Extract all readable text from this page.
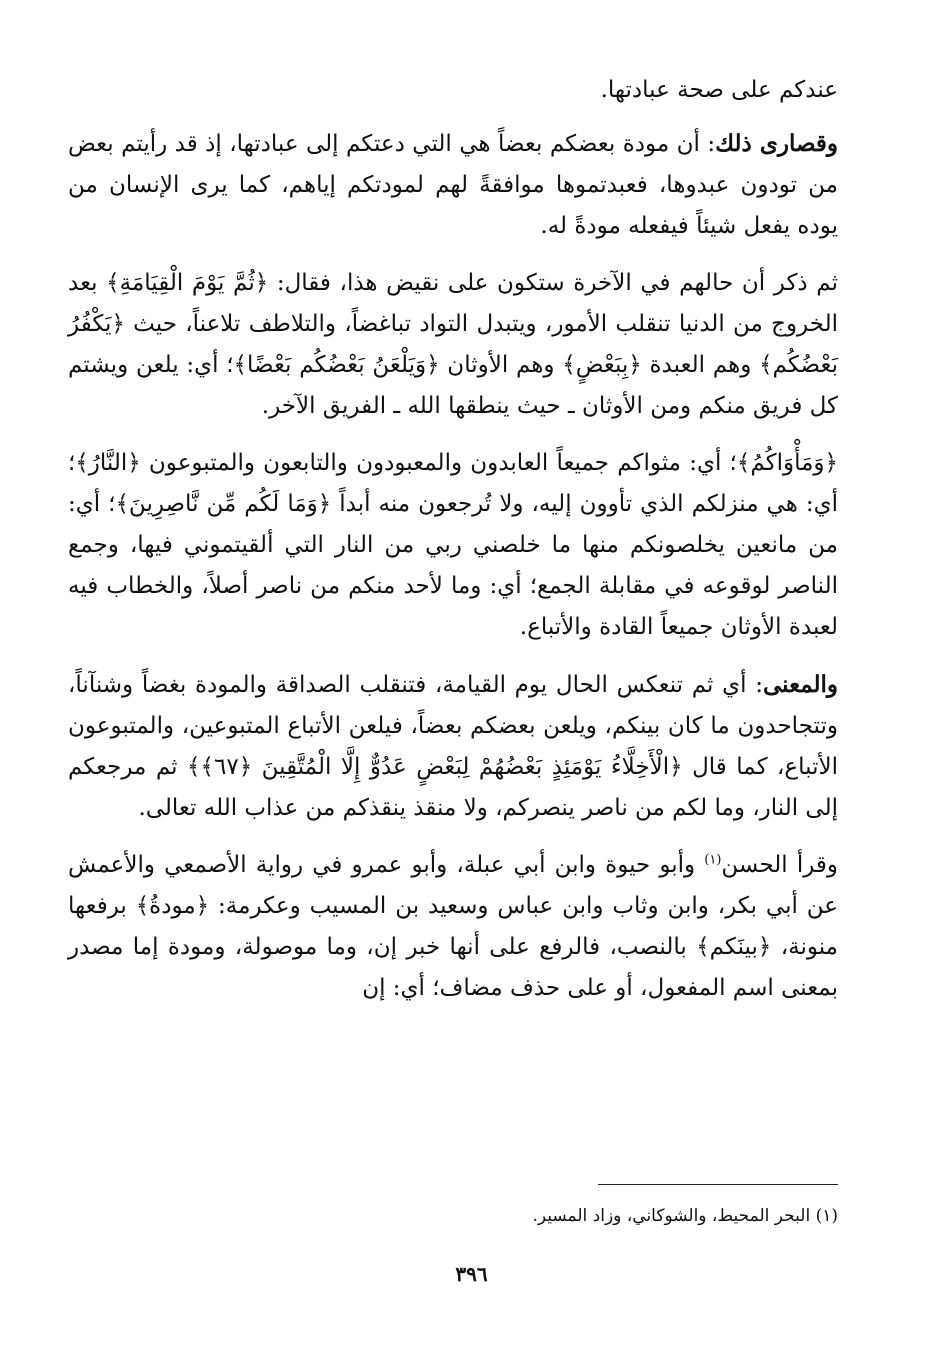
عندكم على صحة عبادتها.

وقصارى ذلك: أن مودة بعضكم بعضاً هي التي دعتكم إلى عبادتها، إذ قد رأيتم بعض من تودون عبدوها، فعبدتموها موافقةً لهم لمودتكم إياهم، كما يرى الإنسان من يوده يفعل شيئاً فيفعله مودةً له.

ثم ذكر أن حالهم في الآخرة ستكون على نقيض هذا، فقال: ﴿ثُمَّ يَوْمَ الْقِيَامَةِ﴾ بعد الخروج من الدنيا تنقلب الأمور، ويتبدل التواد تباغضاً، والتلاطف تلاعناً، حيث ﴿يَكْفُرُ بَعْضُكُم﴾ وهم العبدة ﴿بِبَعْضٍ﴾ وهم الأوثان ﴿وَيَلْعَنُ بَعْضُكُم بَعْضًا﴾؛ أي: يلعن ويشتم كل فريق منكم ومن الأوثان ـ حيث ينطقها الله ـ الفريق الآخر.

﴿وَمَأْوَاكُمُ﴾؛ أي: مثواكم جميعاً العابدون والمعبودون والتابعون والمتبوعون ﴿النَّارُ﴾؛ أي: هي منزلكم الذي تأوون إليه، ولا تُرجعون منه أبداً ﴿وَمَا لَكُم مِّن نَّاصِرِينَ﴾؛ أي: من مانعين يخلصونكم منها ما خلصني ربي من النار التي ألقيتموني فيها، وجمع الناصر لوقوعه في مقابلة الجمع؛ أي: وما لأحد منكم من ناصر أصلاً، والخطاب فيه لعبدة الأوثان جميعاً القادة والأتباع.

والمعنى: أي ثم تنعكس الحال يوم القيامة، فتنقلب الصداقة والمودة بغضاً وشنآناً، وتتجاحدون ما كان بينكم، ويلعن بعضكم بعضاً، فيلعن الأتباع المتبوعين، والمتبوعون الأتباع، كما قال ﴿الْأَخِلَّاءُ يَوْمَئِذٍ بَعْضُهُمْ لِبَعْضٍ عَدُوٌّ إِلَّا الْمُتَّقِينَ ﴿٦٧﴾﴾ ثم مرجعكم إلى النار، وما لكم من ناصر ينصركم، ولا منقذ ينقذكم من عذاب الله تعالى.

وقرأ الحسن$^{(١)}$ وأبو حيوة وابن أبي عبلة، وأبو عمرو في رواية الأصمعي والأعمش عن أبي بكر، وابن وثاب وابن عباس وسعيد بن المسيب وعكرمة: ﴿مودةُ﴾ برفعها منونة، ﴿بينَكم﴾ بالنصب، فالرفع على أنها خبر إن، وما موصولة، ومودة إما مصدر بمعنى اسم المفعول، أو على حذف مضاف؛ أي: إن

(١) البحر المحيط، والشوكاني، وزاد المسير.
٣٩٦
